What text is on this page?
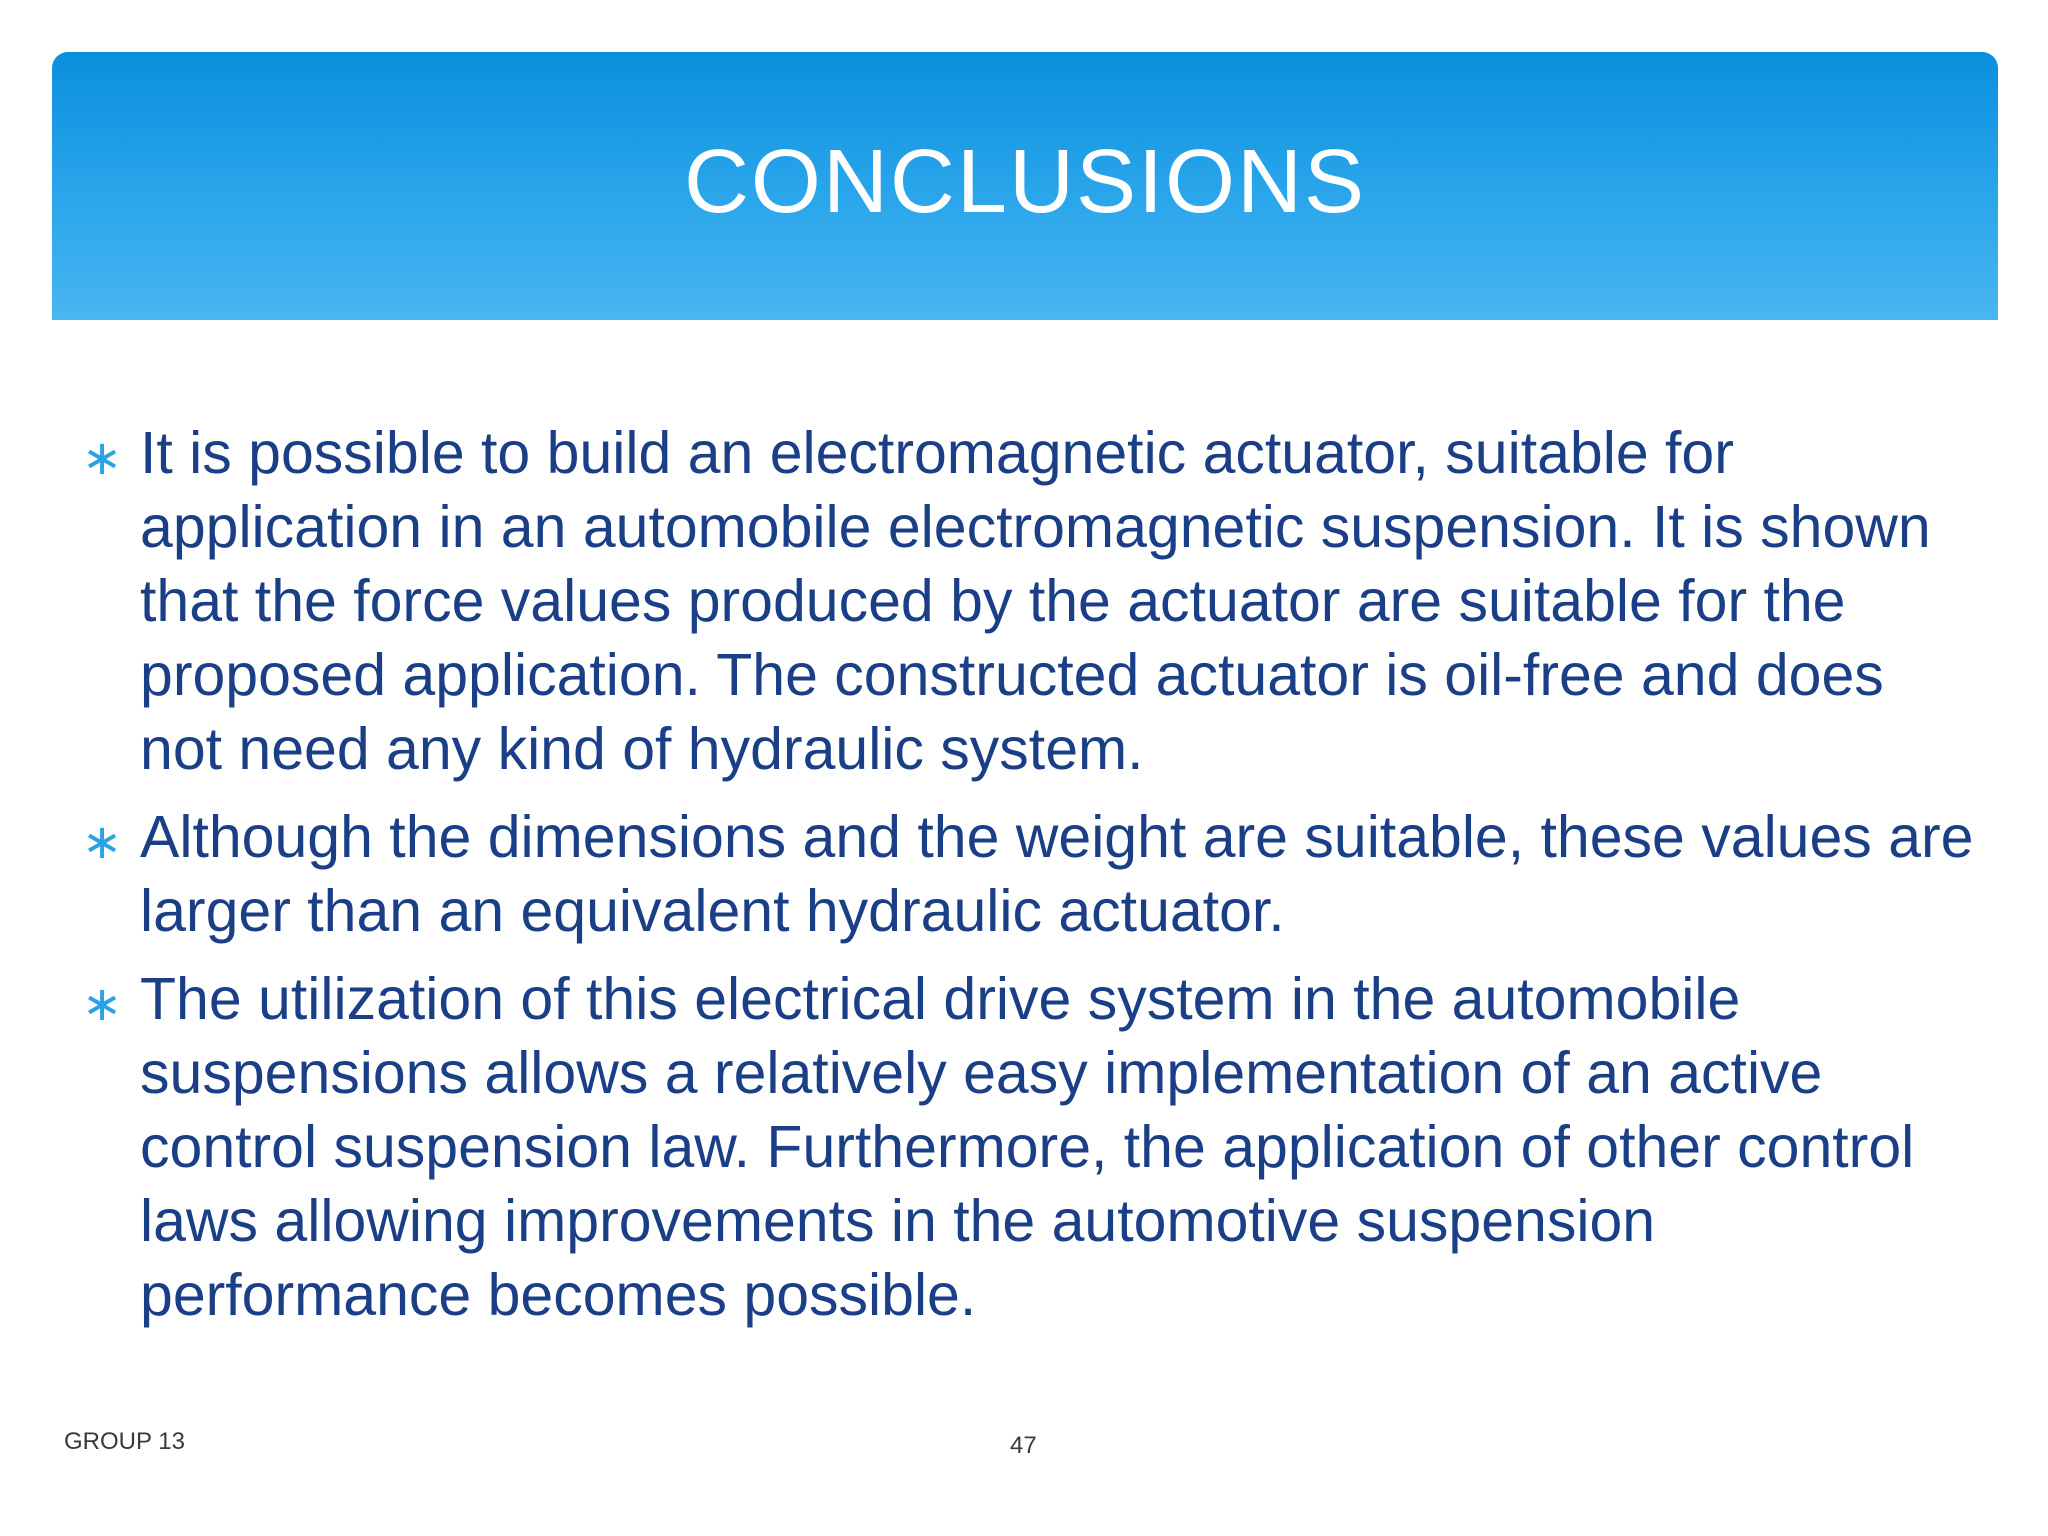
CONCLUSIONS
∗ It is possible to build an electromagnetic actuator, suitable for application in an automobile electromagnetic suspension. It is shown that the force values produced by the actuator are suitable for the proposed application. The constructed actuator is oil-free and does not need any kind of hydraulic system.
∗ Although the dimensions and the weight are suitable, these values are larger than an equivalent hydraulic actuator.
∗ The utilization of this electrical drive system in the automobile suspensions allows a relatively easy implementation of an active control suspension law. Furthermore, the application of other control laws allowing improvements in the automotive suspension performance becomes possible.
GROUP 13	47
